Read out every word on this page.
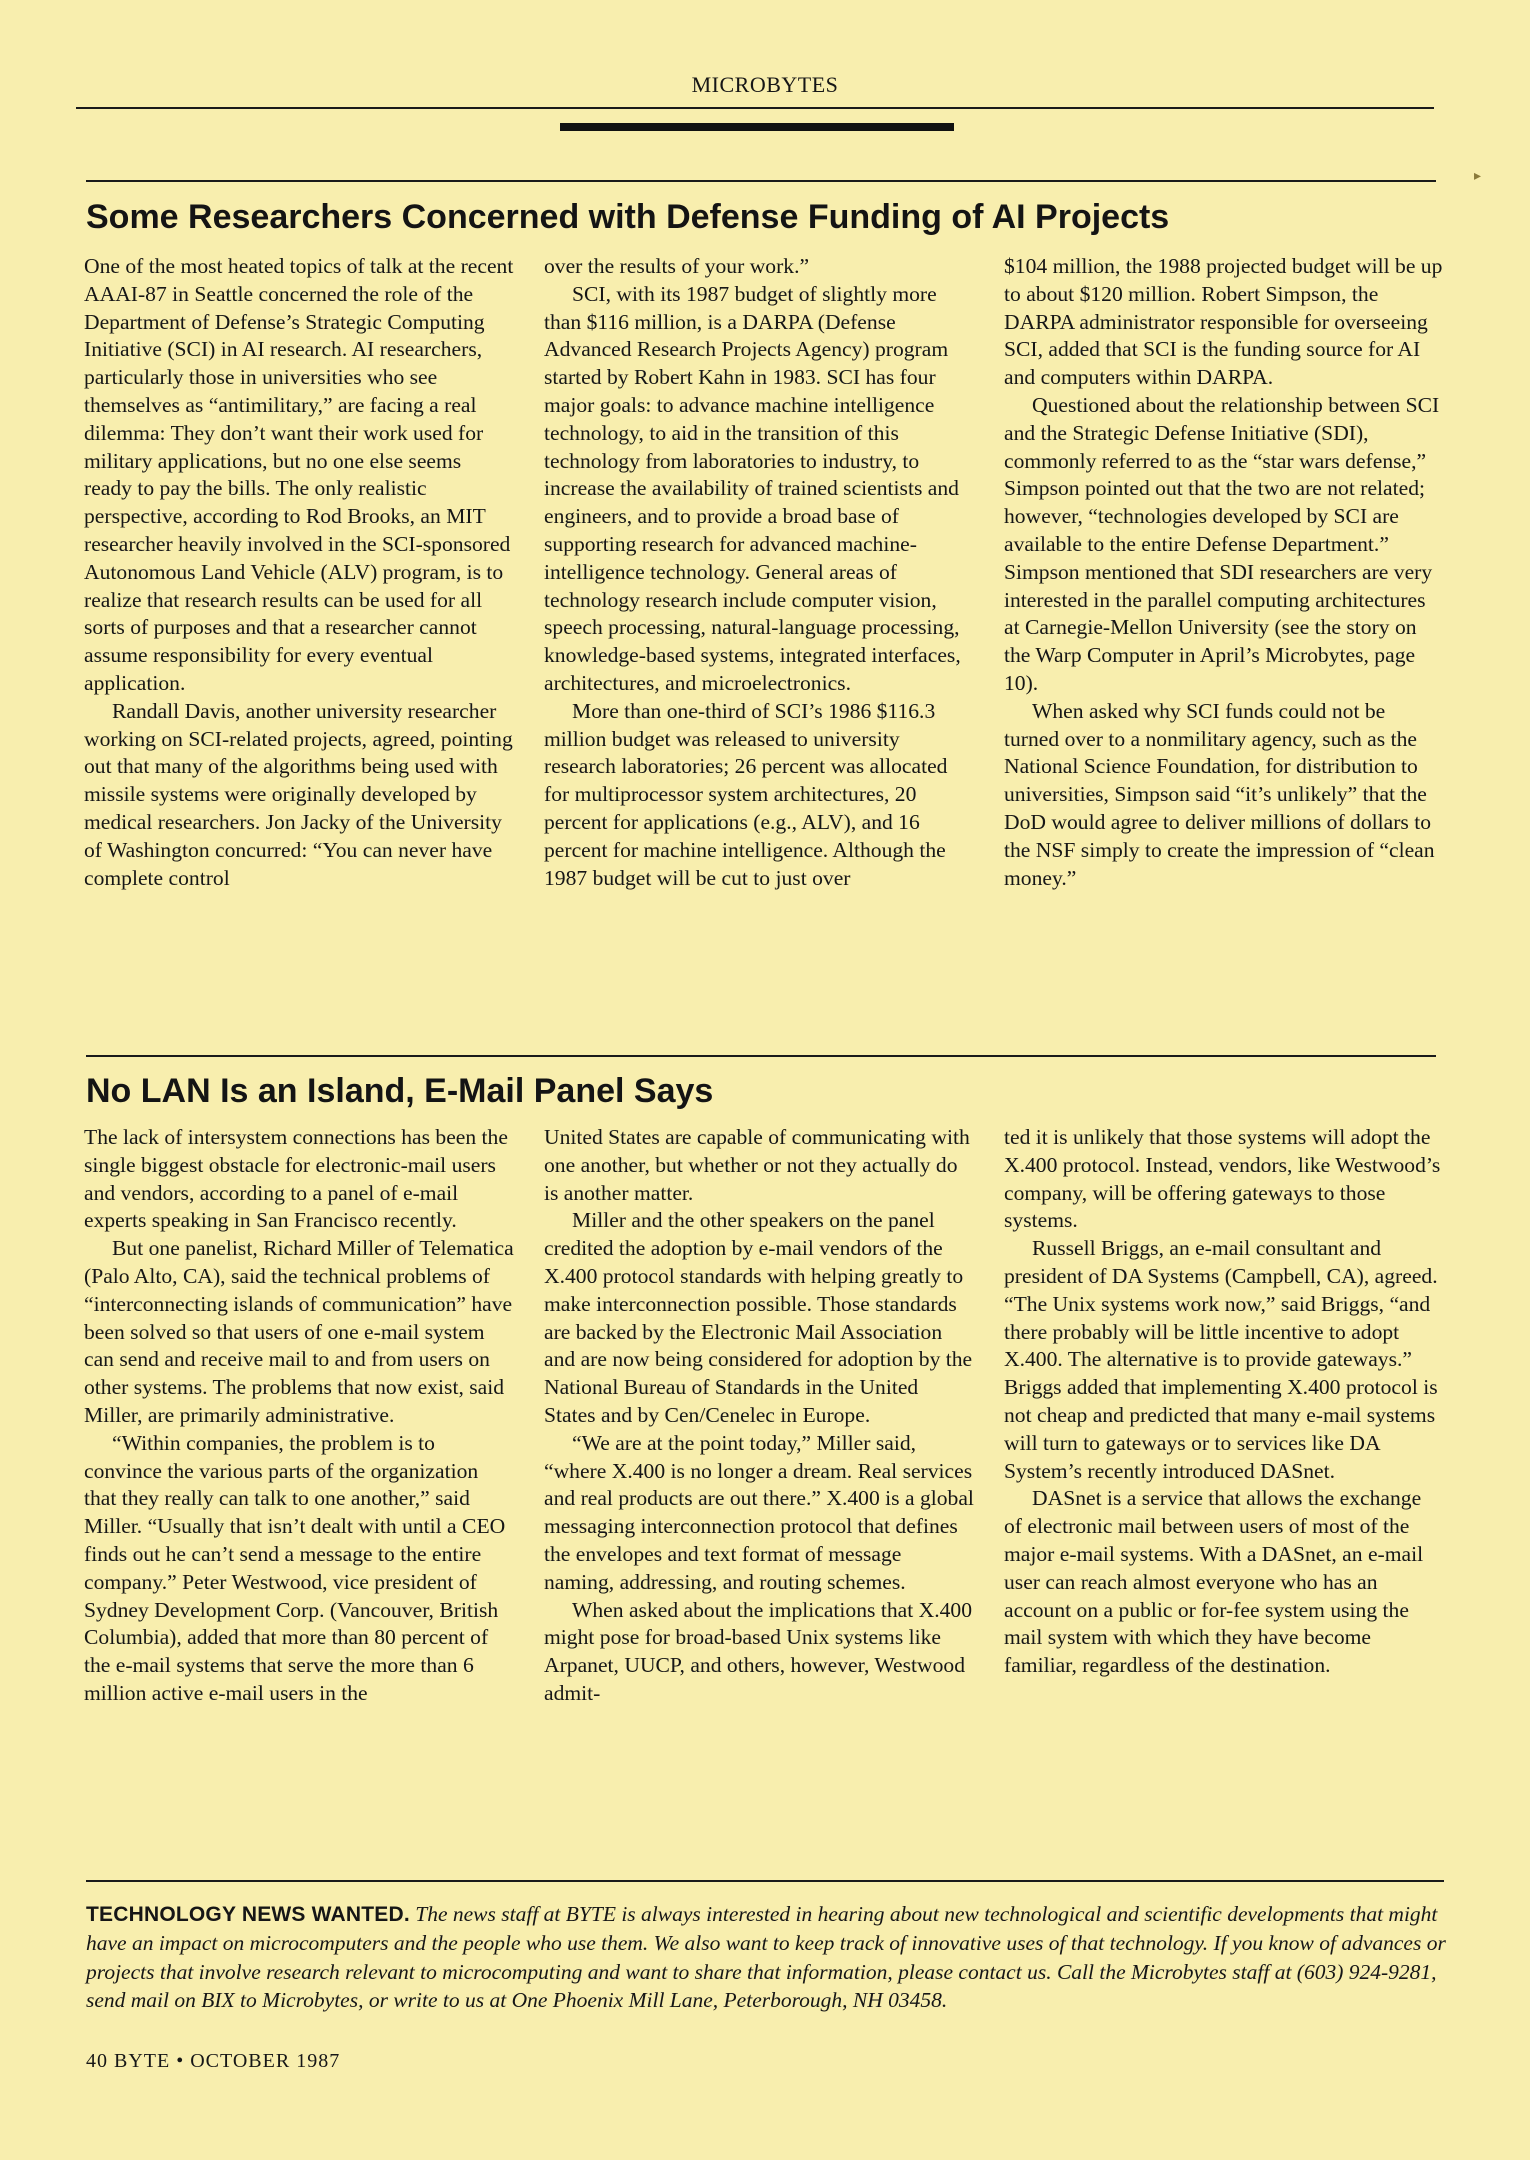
MICROBYTES
▸
Some Researchers Concerned with Defense Funding of AI Projects

One of the most heated topics of talk at the recent AAAI-87 in Seattle concerned the role of the Department of Defense’s Strategic Computing Initiative (SCI) in AI research. AI researchers, particularly those in universities who see themselves as “antimilitary,” are facing a real dilemma: They don’t want their work used for military applications, but no one else seems ready to pay the bills. The only realistic perspective, according to Rod Brooks, an MIT researcher heavily involved in the SCI-sponsored Autonomous Land Vehicle (ALV) program, is to realize that research results can be used for all sorts of purposes and that a researcher cannot assume responsibility for every eventual application.

Randall Davis, another university researcher working on SCI-related projects, agreed, pointing out that many of the algorithms being used with missile systems were originally developed by medical researchers. Jon Jacky of the University of Washington concurred: “You can never have complete control

over the results of your work.”

SCI, with its 1987 budget of slightly more than $116 million, is a DARPA (Defense Advanced Research Projects Agency) program started by Robert Kahn in 1983. SCI has four major goals: to advance machine intelligence technology, to aid in the transition of this technology from laboratories to industry, to increase the availability of trained scientists and engineers, and to provide a broad base of supporting research for advanced machine-intelligence technology. General areas of technology research include computer vision, speech processing, natural-language processing, knowledge-based systems, integrated interfaces, architectures, and microelectronics.

More than one-third of SCI’s 1986 $116.3 million budget was released to university research laboratories; 26 percent was allocated for multiprocessor system architectures, 20 percent for applications (e.g., ALV), and 16 percent for machine intelligence. Although the 1987 budget will be cut to just over

$104 million, the 1988 projected budget will be up to about $120 million. Robert Simpson, the DARPA administrator responsible for overseeing SCI, added that SCI is the funding source for AI and computers within DARPA.

Questioned about the relationship between SCI and the Strategic Defense Initiative (SDI), commonly referred to as the “star wars defense,” Simpson pointed out that the two are not related; however, “technologies developed by SCI are available to the entire Defense Department.” Simpson mentioned that SDI researchers are very interested in the parallel computing architectures at Carnegie-Mellon University (see the story on the Warp Computer in April’s Microbytes, page 10).

When asked why SCI funds could not be turned over to a nonmilitary agency, such as the National Science Foundation, for distribution to universities, Simpson said “it’s unlikely” that the DoD would agree to deliver millions of dollars to the NSF simply to create the impression of “clean money.”

No LAN Is an Island, E-Mail Panel Says

The lack of intersystem connections has been the single biggest obstacle for electronic-mail users and vendors, according to a panel of e-mail experts speaking in San Francisco recently.

But one panelist, Richard Miller of Telematica (Palo Alto, CA), said the technical problems of “interconnecting islands of communication” have been solved so that users of one e-mail system can send and receive mail to and from users on other systems. The problems that now exist, said Miller, are primarily administrative.

“Within companies, the problem is to convince the various parts of the organization that they really can talk to one another,” said Miller. “Usually that isn’t dealt with until a CEO finds out he can’t send a message to the entire company.” Peter Westwood, vice president of Sydney Development Corp. (Vancouver, British Columbia), added that more than 80 percent of the e-mail systems that serve the more than 6 million active e-mail users in the

United States are capable of communicating with one another, but whether or not they actually do is another matter.

Miller and the other speakers on the panel credited the adoption by e-mail vendors of the X.400 protocol standards with helping greatly to make interconnection possible. Those standards are backed by the Electronic Mail Association and are now being considered for adoption by the National Bureau of Standards in the United States and by Cen/Cenelec in Europe.

“We are at the point today,” Miller said, “where X.400 is no longer a dream. Real services and real products are out there.” X.400 is a global messaging interconnection protocol that defines the envelopes and text format of message naming, addressing, and routing schemes.

When asked about the implications that X.400 might pose for broad-based Unix systems like Arpanet, UUCP, and others, however, Westwood admit-

ted it is unlikely that those systems will adopt the X.400 protocol. Instead, vendors, like Westwood’s company, will be offering gateways to those systems.

Russell Briggs, an e-mail consultant and president of DA Systems (Campbell, CA), agreed. “The Unix systems work now,” said Briggs, “and there probably will be little incentive to adopt X.400. The alternative is to provide gateways.” Briggs added that implementing X.400 protocol is not cheap and predicted that many e-mail systems will turn to gateways or to services like DA System’s recently introduced DASnet.

DASnet is a service that allows the exchange of electronic mail between users of most of the major e-mail systems. With a DASnet, an e-mail user can reach almost everyone who has an account on a public or for-fee system using the mail system with which they have become familiar, regardless of the destination.

TECHNOLOGY NEWS WANTED. The news staff at BYTE is always interested in hearing about new technological and scientific developments that might have an impact on microcomputers and the people who use them. We also want to keep track of innovative uses of that technology. If you know of advances or projects that involve research relevant to microcomputing and want to share that information, please contact us. Call the Microbytes staff at (603) 924-9281, send mail on BIX to Microbytes, or write to us at One Phoenix Mill Lane, Peterborough, NH 03458.
40 BYTE • OCTOBER 1987
